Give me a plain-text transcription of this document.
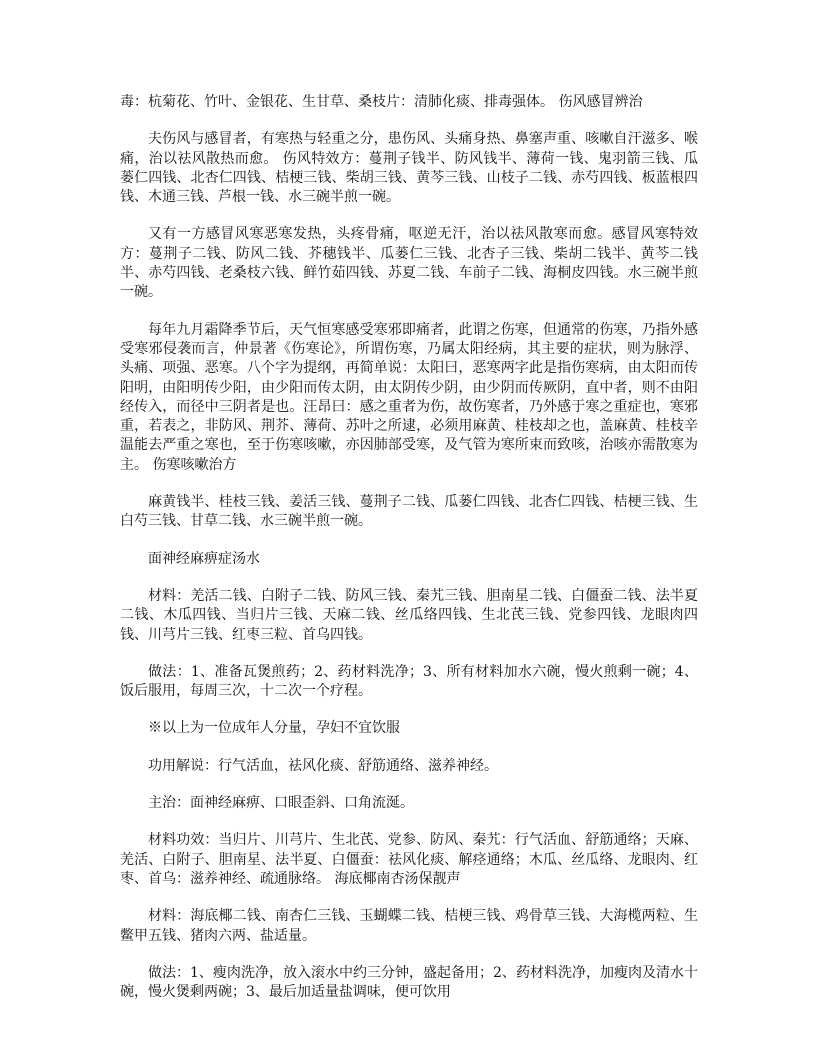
毒：杭菊花、竹叶、金银花、生甘草、桑枝片：清肺化痰、排毒强体。 伤风感冒辨治

夫伤风与感冒者，有寒热与轻重之分，患伤风、头痛身热、鼻塞声重、咳嗽自汗滋多、喉痛，治以祛风散热而愈。 伤风特效方：蔓荆子钱半、防风钱半、薄荷一钱、鬼羽箭三钱、瓜蒌仁四钱、北杏仁四钱、桔梗三钱、柴胡三钱、黄芩三钱、山枝子二钱、赤芍四钱、板蓝根四钱、木通三钱、芦根一钱、水三碗半煎一碗。

又有一方感冒风寒恶寒发热，头疼骨痛，呕逆无汗，治以祛风散寒而愈。感冒风寒特效方：蔓荆子二钱、防风二钱、芥穗钱半、瓜蒌仁三钱、北杏子三钱、柴胡二钱半、黄芩二钱半、赤芍四钱、老桑枝六钱、鲜竹茹四钱、苏夏二钱、车前子二钱、海桐皮四钱。水三碗半煎一碗。

每年九月霜降季节后，天气恒寒感受寒邪即痛者，此谓之伤寒，但通常的伤寒，乃指外感受寒邪侵袭而言，仲景著《伤寒论》，所谓伤寒，乃属太阳经病，其主要的症状，则为脉浮、头痛、项强、恶寒。八个字为提纲，再简单说：太阳曰，恶寒两字此是指伤寒病，由太阳而传阳明，由阳明传少阳，由少阳而传太阴，由太阴传少阴，由少阴而传厥阴，直中者，则不由阳经传入，而径中三阴者是也。汪昂曰：感之重者为伤，故伤寒者，乃外感于寒之重症也，寒邪重，若表之，非防风、荆芥、薄荷、苏叶之所逮，必须用麻黄、桂枝却之也，盖麻黄、桂枝辛温能去严重之寒也，至于伤寒咳嗽，亦因肺部受寒，及气管为寒所束而致咳，治咳亦需散寒为主。 伤寒咳嗽治方

麻黄钱半、桂枝三钱、姜活三钱、蔓荆子二钱、瓜蒌仁四钱、北杏仁四钱、桔梗三钱、生白芍三钱、甘草二钱、水三碗半煎一碗。

面神经麻痹症汤水

材料：羌活二钱、白附子二钱、防风三钱、秦艽三钱、胆南星二钱、白僵蚕二钱、法半夏二钱、木瓜四钱、当归片三钱、天麻二钱、丝瓜络四钱、生北芪三钱、党参四钱、龙眼肉四钱、川芎片三钱、红枣三粒、首乌四钱。

做法：1、准备瓦煲煎药；2、药材料洗净；3、所有材料加水六碗，慢火煎剩一碗；4、饭后服用，每周三次，十二次一个疗程。

※以上为一位成年人分量，孕妇不宜饮服

功用解说：行气活血，祛风化痰、舒筋通络、滋养神经。

主治：面神经麻痹、口眼歪斜、口角流涎。

材料功效：当归片、川芎片、生北芪、党参、防风、秦艽：行气活血、舒筋通络；天麻、羌活、白附子、胆南星、法半夏、白僵蚕：祛风化痰、解痉通络；木瓜、丝瓜络、龙眼肉、红枣、首乌：滋养神经、疏通脉络。 海底椰南杏汤保靓声

材料：海底椰二钱、南杏仁三钱、玉蝴蝶二钱、桔梗三钱、鸡骨草三钱、大海榄两粒、生鳖甲五钱、猪肉六两、盐适量。

做法：1、瘦肉洗净，放入滚水中约三分钟，盛起备用；2、药材料洗净，加瘦肉及清水十碗，慢火煲剩两碗；3、最后加适量盐调味，便可饮用
